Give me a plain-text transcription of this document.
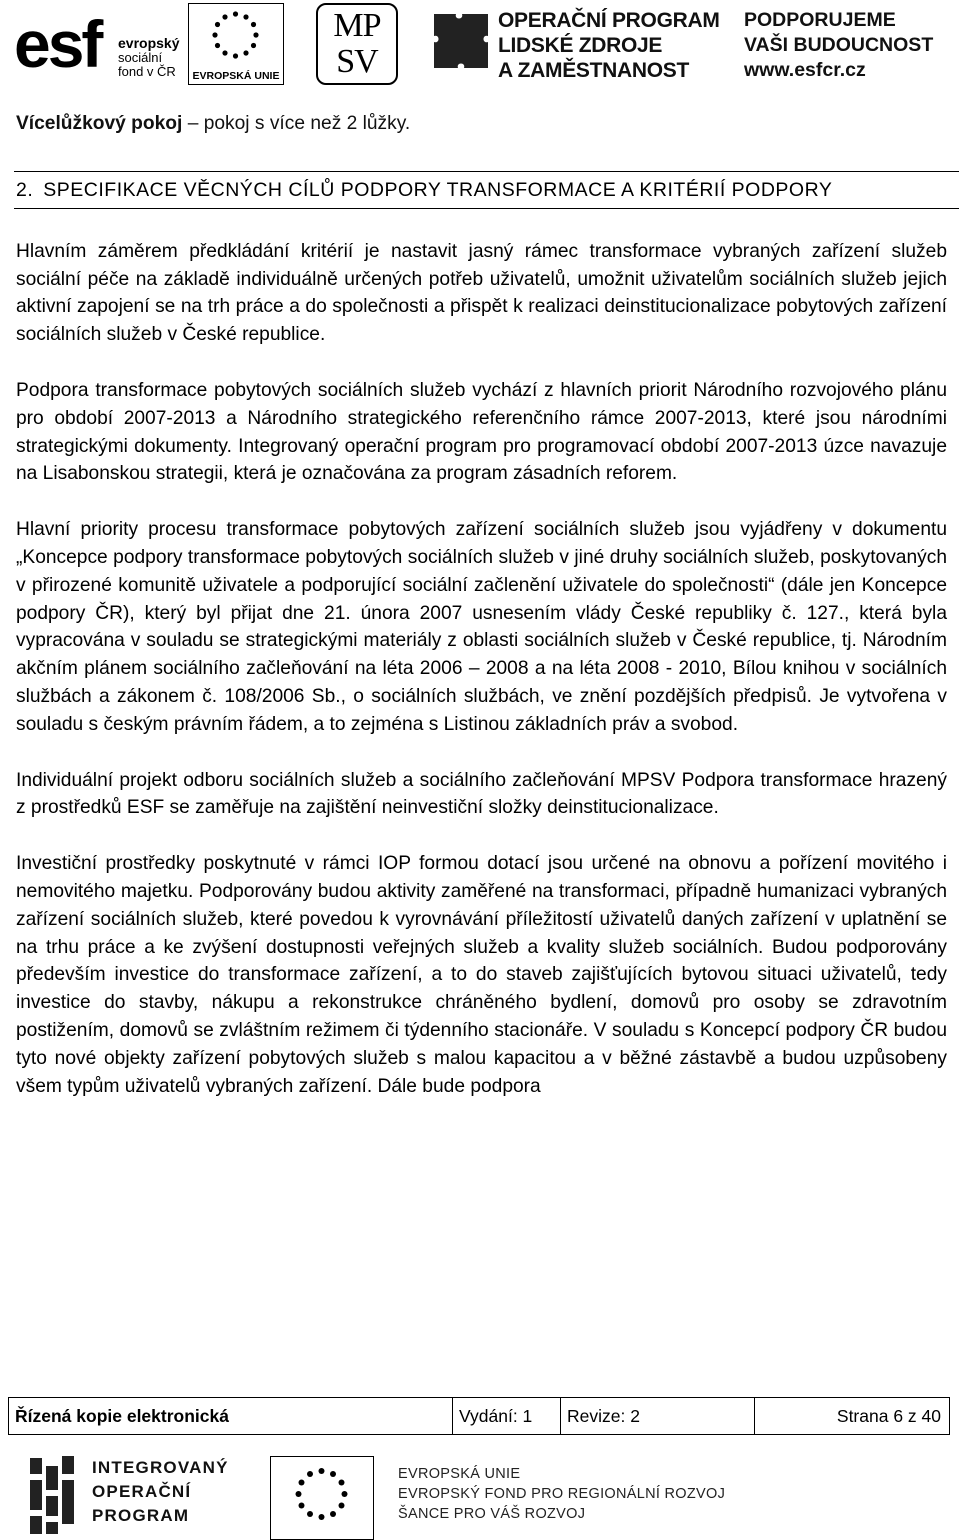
esf evropský
sociální
fond v ČR	EVROPSKÁ UNIE
MP
SV
OPERAČNÍ PROGRAM
LIDSKÉ ZDROJE
A ZAMĚSTNANOST
PODPORUJEME
VAŠI BUDOUCNOST
www.esfcr.cz

Vícelůžkový pokoj – pokoj s více než 2 lůžky.

2. SPECIFIKACE VĚCNÝCH CÍLŮ PODPORY TRANSFORMACE A KRITÉRIÍ PODPORY

Hlavním záměrem předkládání kritérií je nastavit jasný rámec transformace vybraných zařízení služeb sociální péče na základě individuálně určených potřeb uživatelů, umožnit uživatelům sociálních služeb jejich aktivní zapojení se na trh práce a do společnosti a přispět k realizaci deinstitucionalizace pobytových zařízení sociálních služeb v České republice.

Podpora transformace pobytových sociálních služeb vychází z hlavních priorit Národního rozvojového plánu pro období 2007-2013 a Národního strategického referenčního rámce 2007-2013, které jsou národními strategickými dokumenty. Integrovaný operační program pro programovací období 2007-2013 úzce navazuje na Lisabonskou strategii, která je označována za program zásadních reforem.

Hlavní priority procesu transformace pobytových zařízení sociálních služeb jsou vyjádřeny v dokumentu „Koncepce podpory transformace pobytových sociálních služeb v jiné druhy sociálních služeb, poskytovaných v přirozené komunitě uživatele a podporující sociální začlenění uživatele do společnosti“ (dále jen Koncepce podpory ČR), který byl přijat dne 21. února 2007 usnesením vlády České republiky č. 127., která byla vypracována v souladu se strategickými materiály z oblasti sociálních služeb v České republice, tj. Národním akčním plánem sociálního začleňování na léta 2006 – 2008 a na léta 2008 - 2010, Bílou knihou v sociálních službách a zákonem č. 108/2006 Sb., o sociálních službách, ve znění pozdějších předpisů. Je vytvořena v souladu s českým právním řádem, a to zejména s Listinou základních práv a svobod.

Individuální projekt odboru sociálních služeb a sociálního začleňování MPSV Podpora transformace hrazený z prostředků ESF se zaměřuje na zajištění neinvestiční složky deinstitucionalizace.

Investiční prostředky poskytnuté v rámci IOP formou dotací jsou určené na obnovu a pořízení movitého i nemovitého majetku. Podporovány budou aktivity zaměřené na transformaci, případně humanizaci vybraných zařízení sociálních služeb, které povedou k vyrovnávání příležitostí uživatelů daných zařízení v uplatnění se na trhu práce a ke zvýšení dostupnosti veřejných služeb a kvality služeb sociálních. Budou podporovány především investice do transformace zařízení, a to do staveb zajišťujících bytovou situaci uživatelů, tedy investice do stavby, nákupu a rekonstrukce chráněného bydlení, domovů pro osoby se zdravotním postižením, domovů se zvláštním režimem či týdenního stacionáře. V souladu s Koncepcí podpory ČR budou tyto nové objekty zařízení pobytových služeb s malou kapacitou a v běžné zástavbě a budou uzpůsobeny všem typům uživatelů vybraných zařízení. Dále bude podpora

Řízená kopie elektronická	Vydání: 1	Revize: 2	Strana 6 z 40
INTEGROVANÝ
OPERAČNÍ
PROGRAM
EVROPSKÁ UNIE
EVROPSKÝ FOND PRO REGIONÁLNÍ ROZVOJ
ŠANCE PRO VÁŠ ROZVOJ
